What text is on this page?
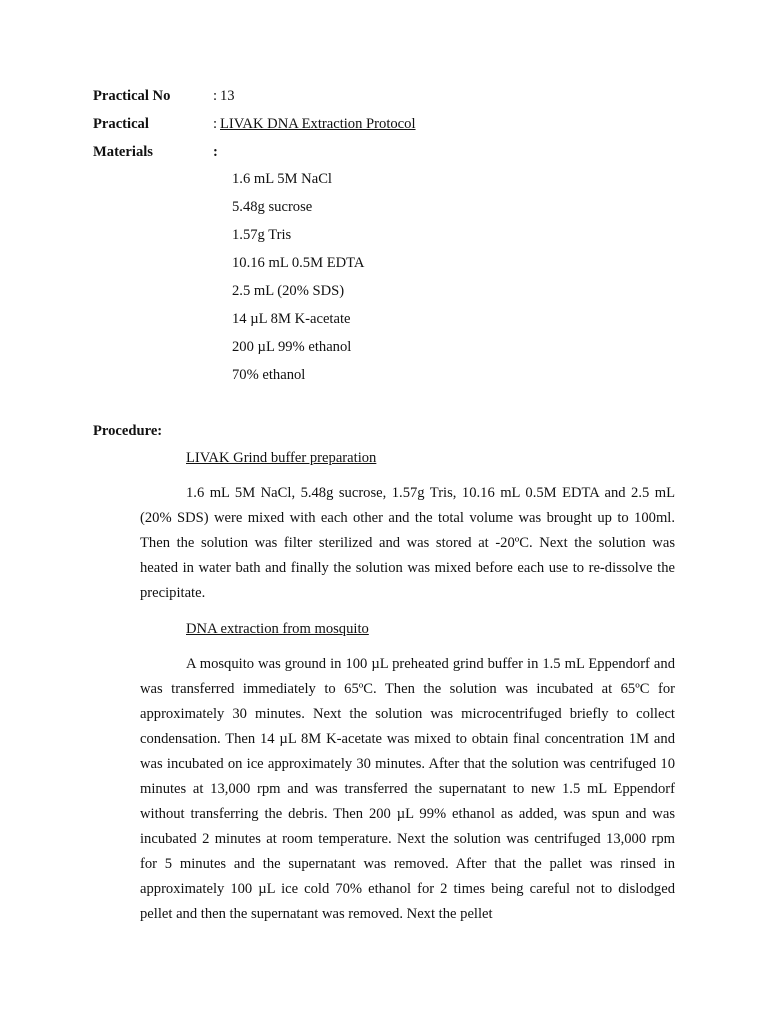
Practical No	: 13
Practical	: LIVAK DNA Extraction Protocol
Materials	:
1.6 mL 5M NaCl
5.48g sucrose
1.57g Tris
10.16 mL 0.5M EDTA
2.5 mL (20% SDS)
14 µL 8M K-acetate
200 µL 99% ethanol
70% ethanol
Procedure:
LIVAK Grind buffer preparation

1.6 mL 5M NaCl, 5.48g sucrose, 1.57g Tris, 10.16 mL 0.5M EDTA and 2.5 mL (20% SDS) were mixed with each other and the total volume was brought up to 100ml. Then the solution was filter sterilized and was stored at -20ºC. Next the solution was heated in water bath and finally the solution was mixed before each use to re-dissolve the precipitate.

DNA extraction from mosquito

A mosquito was ground in 100 µL preheated grind buffer in 1.5 mL Eppendorf and was transferred immediately to 65ºC. Then the solution was incubated at 65ºC for approximately 30 minutes. Next the solution was microcentrifuged briefly to collect condensation. Then 14 µL 8M K-acetate was mixed to obtain final concentration 1M and was incubated on ice approximately 30 minutes. After that the solution was centrifuged 10 minutes at 13,000 rpm and was transferred the supernatant to new 1.5 mL Eppendorf without transferring the debris. Then 200 µL 99% ethanol as added, was spun and was incubated 2 minutes at room temperature. Next the solution was centrifuged 13,000 rpm for 5 minutes and the supernatant was removed. After that the pallet was rinsed in approximately 100 µL ice cold 70% ethanol for 2 times being careful not to dislodged pellet and then the supernatant was removed. Next the pellet
